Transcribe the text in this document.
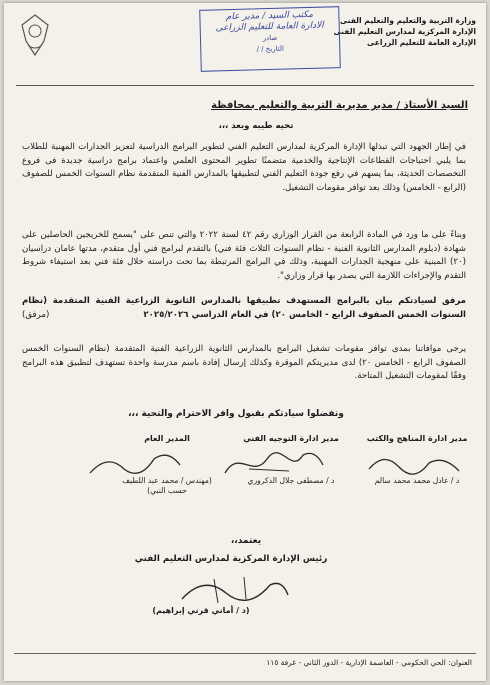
وزارة التربية والتعليم والتعليم الفنى
الإدارة المركزية لمدارس التعليم الفنى
الإدارة العامة للتعليم الزراعى
مكتب السيد / مدير عام
الادارة العامة للتعليم الزراعى
صادر
التاريخ / /
السيد الأستاذ / مدير مديرية التربية والتعليم بمحافظة
تحيه طيبه وبعد ،،،
في إطار الجهود التي تبذلها الإدارة المركزية لمدارس التعليم الفني لتطوير البرامج الدراسية لتعزيز الجدارات المهنية للطلاب بما يلبي احتياجات القطاعات الإنتاجية والخدمية متضمنًا تطوير المحتوى العلمي واعتماد برامج دراسية جديدة فى فروع التخصصات الحديثة، بما يسهم في رفع جودة التعليم الفني لتطبيقها بالمدارس الفنية المتقدمة نظام السنوات الخمس للصفوف (الرابع - الخامس) وذلك بعد توافر مقومات التشغيل.
وبناءً على ما ورد في المادة الرابعة من القرار الوزاري رقم ٤٢ لسنة ٢٠٢٢ والتي تنص على "يسمح للخريجين الحاصلين على شهادة (دبلوم المدارس الثانوية الفنية - نظام السنوات الثلاث فئة فني) بالتقدم لبرامج فني أول متقدم، مدتها عامان دراسيان (٢٠) المبنية على منهجية الجدارات المهنية، وذلك في البرامج المرتبطة بما تحت دراسته خلال فئة فني بعد استيفاء شروط التقدم والإجراءات اللازمة التي يصدر بها قرار وزاري".
مرفق لسيادتكم بيان بالبرامج المستهدف تطبيقها بالمدارس الثانوية الزراعية الفنية المتقدمة (نظام السنوات الخمس الصفوف الرابع - الخامس ٢٠) في العام الدراسي ٢٠٢٥/٢٠٢٦
(مرفق)
يرجى موافاتنا بمدى توافر مقومات تشغيل البرامج بالمدارس الثانوية الزراعية الفنية المتقدمة (نظام السنوات الخمس الصفوف الرابع - الخامس ٢٠) لدى مديريتكم الموقرة وكذلك إرسال إفادة باسم مدرسة واحدة تستهدف لتطبيق هذه البرامج وفقًا لمقومات التشغيل المتاحة.
وتفضلوا سيادتكم بقبول وافر الاحترام والتحية ،،،
مدير ادارة المناهج والكتب
د / عادل محمد محمد سالم
مدير ادارة التوجيه الفني
د / مصطفى جلال الدكروري
المدير العام
(مهندس / محمد عبد اللطيف حسب النبي)
يعتمد،،
رئيس الإدارة المركزية لمدارس التعليم الفني
(د / أماني قرني إبراهيم)
العنوان: الحي الحكومي - العاصمة الإدارية - الدور الثاني - غرفة ١١٥
